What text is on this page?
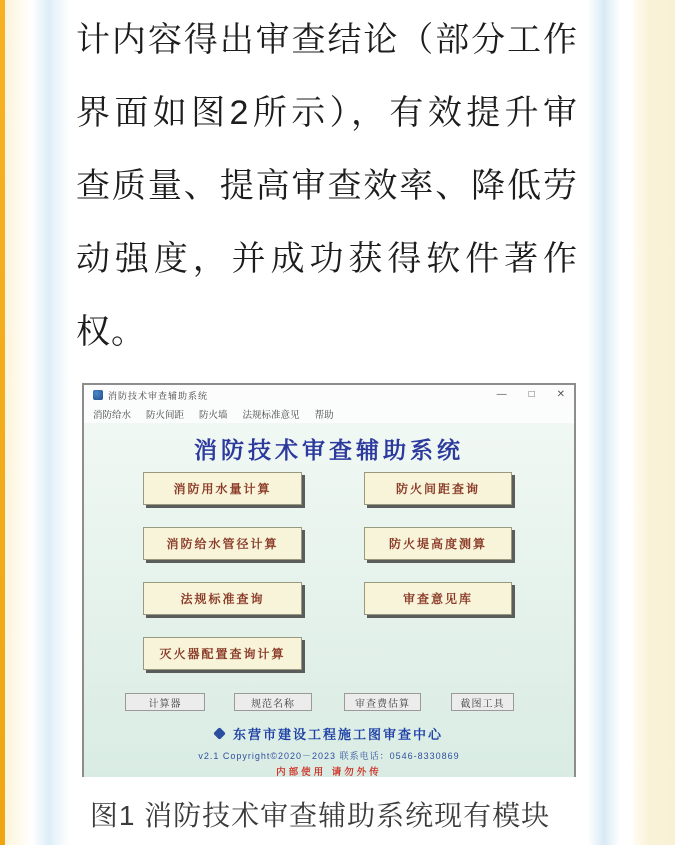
计内容得出审查结论（部分工作
界面如图2所示），有效提升审
查质量、提高审查效率、降低劳
动强度，并成功获得软件著作
权。
消防技术审查辅助系统	— □ ✕
消防给水 防火间距 防火墙 法规标准意见 帮助
消防技术审查辅助系统
消防用水量计算
消防给水管径计算
法规标准查询
灭火器配置查询计算
防火间距查询
防火堤高度测算
审查意见库
计算器	规范名称	审查费估算	截图工具
东营市建设工程施工图审查中心
v2.1 Copyright©2020－2023 联系电话：0546-8330869
内部使用 请勿外传
图1 消防技术审查辅助系统现有模块
